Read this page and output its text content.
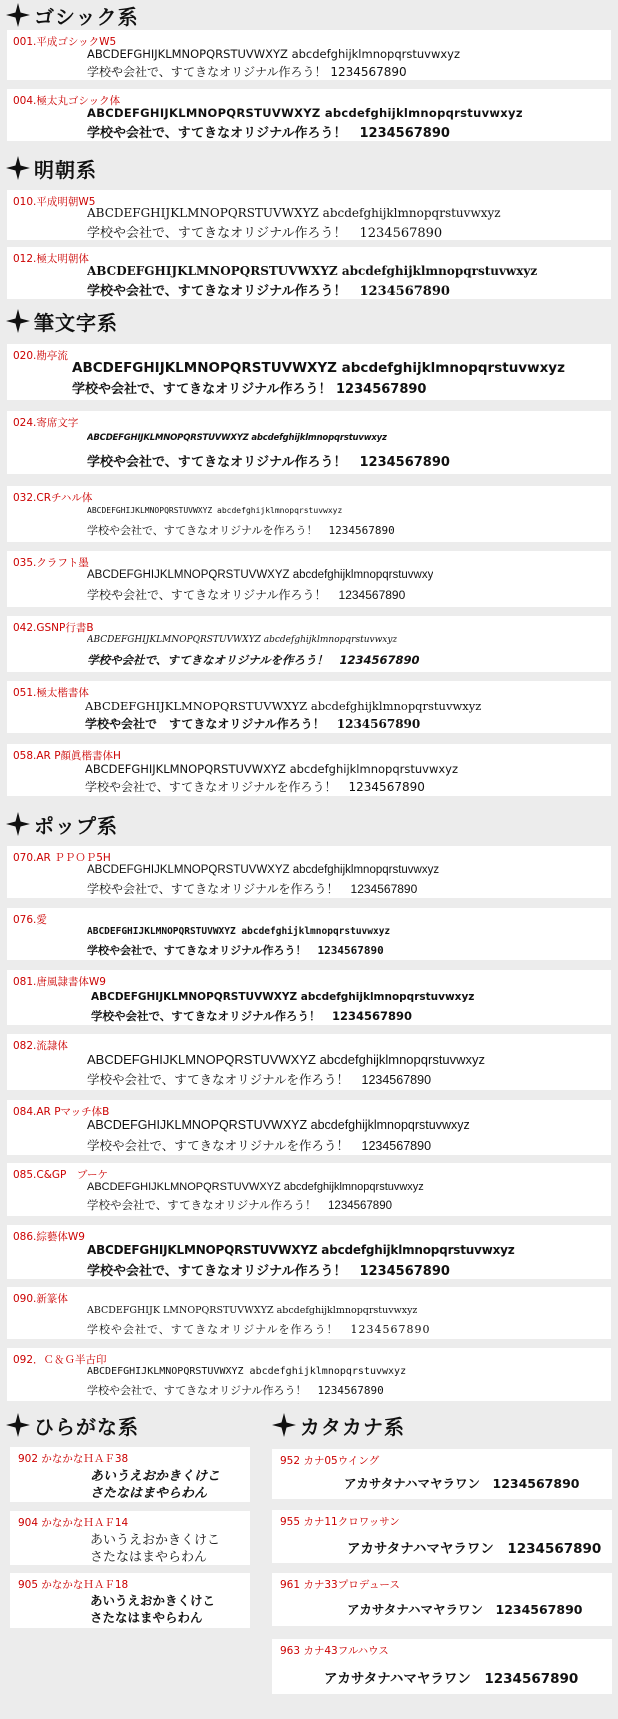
ゴシック系
001.平成ゴシックW5
ABCDEFGHIJKLMNOPQRSTUVWXYZ abcdefghijklmnopqrstuvwxyz
学校や会社で、すてきなオリジナル作ろう！ 1234567890
004.極太丸ゴシック体
ABCDEFGHIJKLMNOPQRSTUVWXYZ abcdefghijklmnopqrstuvwxyz
学校や会社で、すてきなオリジナル作ろう！　1234567890
明朝系
010.平成明朝W5
ABCDEFGHIJKLMNOPQRSTUVWXYZ abcdefghijklmnopqrstuvwxyz
学校や会社で、すてきなオリジナル作ろう！　1234567890
012.極太明朝体
ABCDEFGHIJKLMNOPQRSTUVWXYZ abcdefghijklmnopqrstuvwxyz
学校や会社で、すてきなオリジナル作ろう！　1234567890
筆文字系
020.勘亭流
ABCDEFGHIJKLMNOPQRSTUVWXYZ abcdefghijklmnopqrstuvwxyz
学校や会社で、すてきなオリジナル作ろう！ 1234567890
024.寄席文字
ABCDEFGHIJKLMNOPQRSTUVWXYZ abcdefghijklmnopqrstuvwxyz
学校や会社で、すてきなオリジナル作ろう！　1234567890
032.CRチハル体
ABCDEFGHIJKLMNOPQRSTUVWXYZ abcdefghijklmnopqrstuvwxyz
学校や会社で、すてきなオリジナルを作ろう！　1234567890
035.クラフト墨
ABCDEFGHIJKLMNOPQRSTUVWXYZ abcdefghijklmnopqrstuvwxy
学校や会社で、すてきなオリジナル作ろう！　1234567890
042.GSNP行書B
ABCDEFGHIJKLMNOPQRSTUVWXYZ abcdefghijklmnopqrstuvwxyz
学校や会社で、すてきなオリジナルを作ろう！　1234567890
051.極太楷書体
ABCDEFGHIJKLMNOPQRSTUVWXYZ abcdefghijklmnopqrstuvwxyz
学校や会社で　すてきなオリジナル作ろう！　1234567890
058.AR P顏眞楷書体H
ABCDEFGHIJKLMNOPQRSTUVWXYZ abcdefghijklmnopqrstuvwxyz
学校や会社で、すてきなオリジナルを作ろう！　1234567890
ポップ系
070.AR ＰＰＯＰ5H
ABCDEFGHIJKLMNOPQRSTUVWXYZ abcdefghijklmnopqrstuvwxyz
学校や会社で、すてきなオリジナルを作ろう！　1234567890
076.愛
ABCDEFGHIJKLMNOPQRSTUVWXYZ abcdefghijklmnopqrstuvwxyz
学校や会社で、すてきなオリジナル作ろう！　1234567890
081.唐風隷書体W9
ABCDEFGHIJKLMNOPQRSTUVWXYZ abcdefghijklmnopqrstuvwxyz
学校や会社で、すてきなオリジナル作ろう！　1234567890
082.流隷体
ABCDEFGHIJKLMNOPQRSTUVWXYZ abcdefghijklmnopqrstuvwxyz
学校や会社で、すてきなオリジナルを作ろう！　1234567890
084.AR Pマッチ体B
ABCDEFGHIJKLMNOPQRSTUVWXYZ abcdefghijklmnopqrstuvwxyz
学校や会社で、すてきなオリジナルを作ろう！　1234567890
085.C&GP　ブーケ
ABCDEFGHIJKLMNOPQRSTUVWXYZ abcdefghijklmnopqrstuvwxyz
学校や会社で、すてきなオリジナル作ろう！　1234567890
086.綜藝体W9
ABCDEFGHIJKLMNOPQRSTUVWXYZ abcdefghijklmnopqrstuvwxyz
学校や会社で、すてきなオリジナル作ろう！　1234567890
090.新篆体
ABCDEFGHIJK LMNOPQRSTUVWXYZ abcdefghijklmnopqrstuvwxyz
学校や会社で、すてきなオリジナルを作ろう！　1234567890
092．Ｃ＆Ｇ半古印
ABCDEFGHIJKLMNOPQRSTUVWXYZ abcdefghijklmnopqrstuvwxyz
学校や会社で、すてきなオリジナル作ろう！　1234567890
ひらがな系	カタカナ系
902 かなかなＨＡＦ38
あいうえおかきくけこ
さたなはまやらわん
904 かなかなＨＡＦ14
あいうえおかきくけこ
さたなはまやらわん
905 かなかなＨＡＦ18
あいうえおかきくけこ
さたなはまやらわん
952 カナ05ウイング
アカサタナハマヤラワン　1234567890
955 カナ11クロワッサン
アカサタナハマヤラワン　1234567890
961 カナ33プロデュース
アカサタナハマヤラワン　1234567890
963 カナ43フルハウス
アカサタナハマヤラワン　1234567890
